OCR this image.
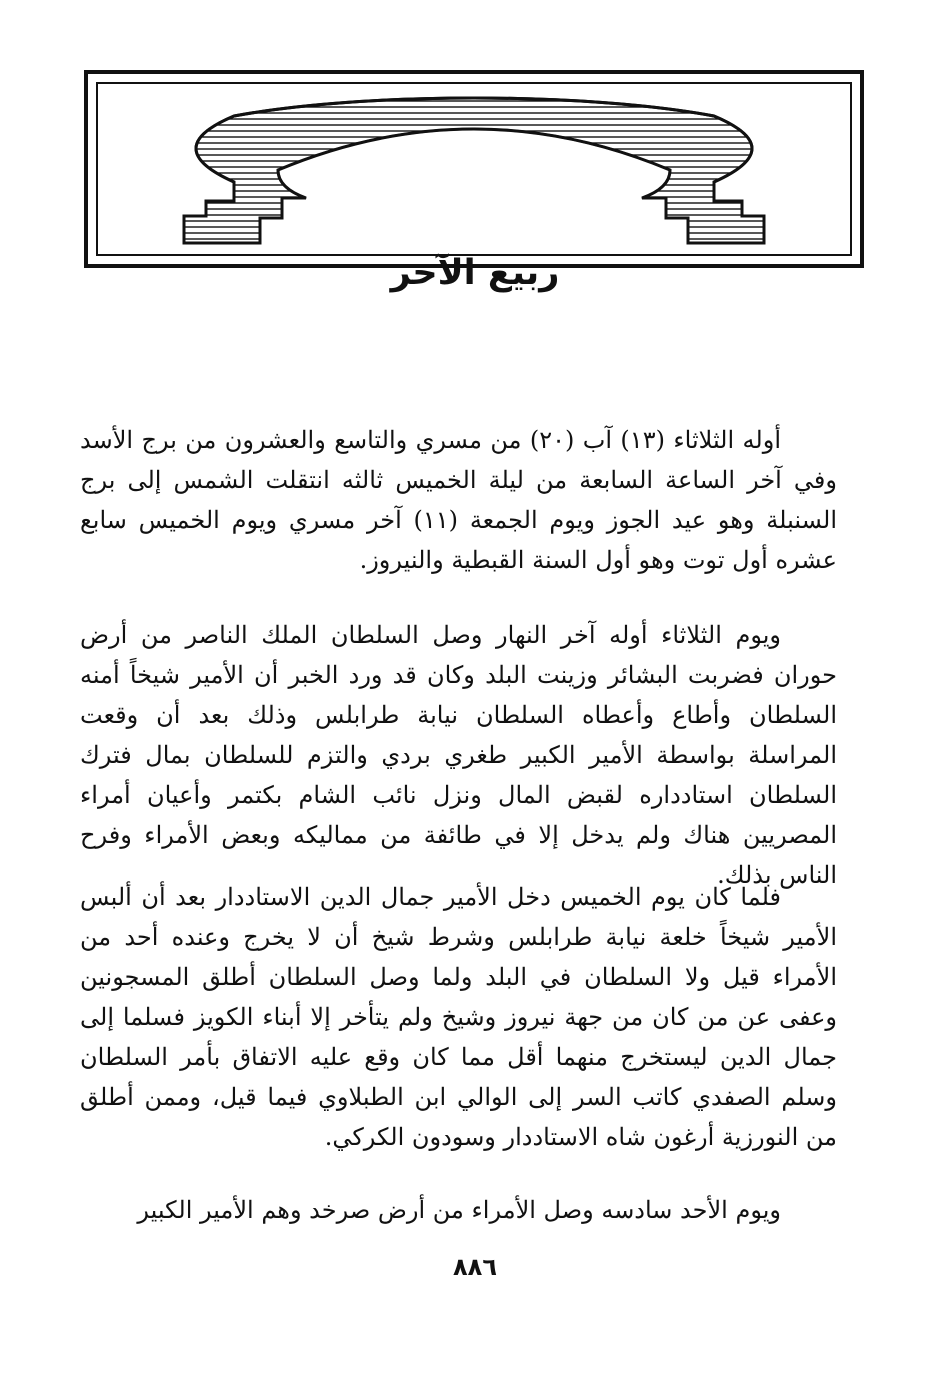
ربيع الآخر

أوله الثلاثاء (١٣) آب (٢٠) من مسري والتاسع والعشرون من برج الأسد وفي آخر الساعة السابعة من ليلة الخميس ثالثه انتقلت الشمس إلى برج السنبلة وهو عيد الجوز ويوم الجمعة (١١) آخر مسري ويوم الخميس سابع عشره أول توت وهو أول السنة القبطية والنيروز.

ويوم الثلاثاء أوله آخر النهار وصل السلطان الملك الناصر من أرض حوران فضربت البشائر وزينت البلد وكان قد ورد الخبر أن الأمير شيخاً أمنه السلطان وأطاع وأعطاه السلطان نيابة طرابلس وذلك بعد أن وقعت المراسلة بواسطة الأمير الكبير طغري بردي والتزم للسلطان بمال فترك السلطان استادداره لقبض المال ونزل نائب الشام بكتمر وأعيان أمراء المصريين هناك ولم يدخل إلا في طائفة من مماليكه وبعض الأمراء وفرح الناس بذلك.

فلما كان يوم الخميس دخل الأمير جمال الدين الاستاددار بعد أن ألبس الأمير شيخاً خلعة نيابة طرابلس وشرط شيخ أن لا يخرج وعنده أحد من الأمراء قيل ولا السلطان في البلد ولما وصل السلطان أطلق المسجونين وعفى عن من كان من جهة نيروز وشيخ ولم يتأخر إلا أبناء الكويز فسلما إلى جمال الدين ليستخرج منهما أقل مما كان وقع عليه الاتفاق بأمر السلطان وسلم الصفدي كاتب السر إلى الوالي ابن الطبلاوي فيما قيل، وممن أطلق من النورزية أرغون شاه الاستاددار وسودون الكركي.

ويوم الأحد سادسه وصل الأمراء من أرض صرخد وهم الأمير الكبير

٨٨٦
